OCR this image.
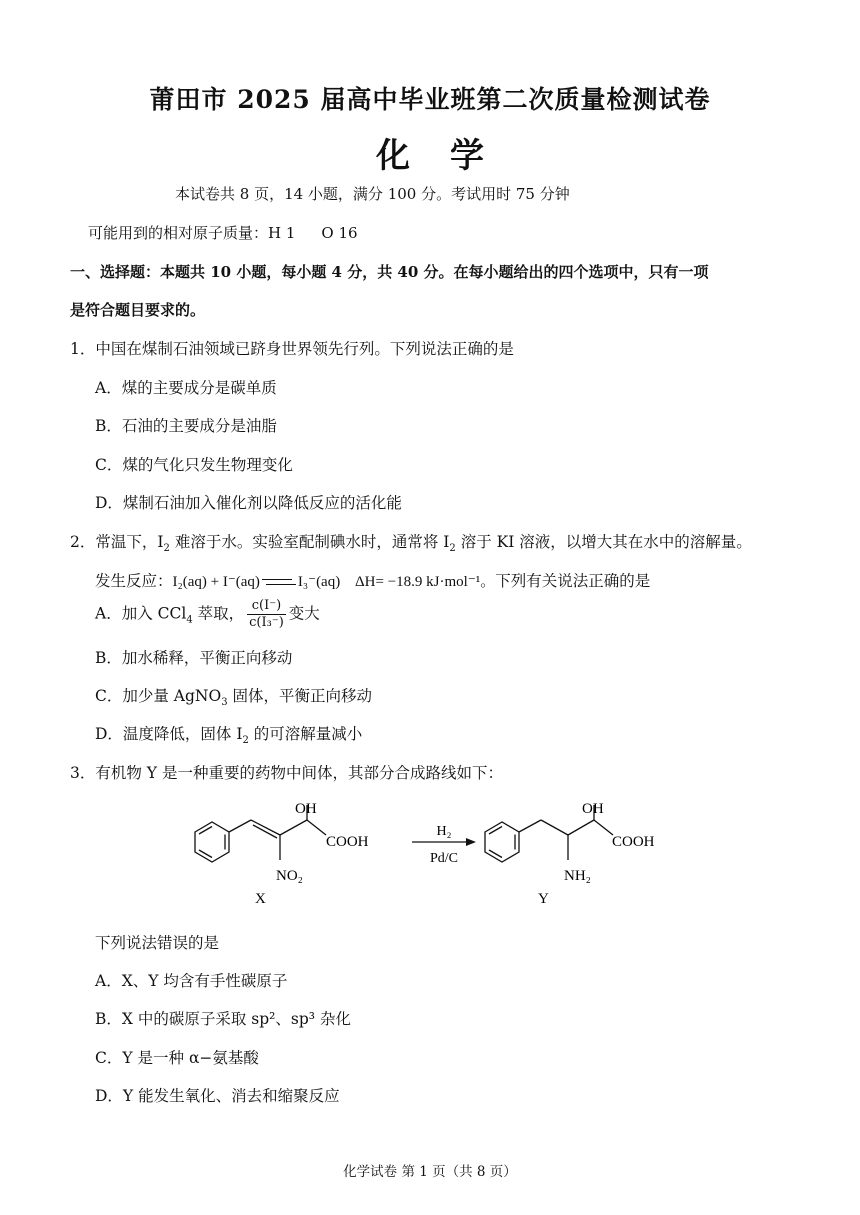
莆田市 2025 届高中毕业班第二次质量检测试卷
化学
本试卷共 8 页，14 小题，满分 100 分。考试用时 75 分钟
可能用到的相对原子质量：H 1 O 16
一、选择题：本题共 10 小题，每小题 4 分，共 40 分。在每小题给出的四个选项中，只有一项
是符合题目要求的。
1．中国在煤制石油领域已跻身世界领先行列。下列说法正确的是
A．煤的主要成分是碳单质
B．石油的主要成分是油脂
C．煤的气化只发生物理变化
D．煤制石油加入催化剂以降低反应的活化能
2．常温下，$I_2$ 难溶于水。实验室配制碘水时，通常将 $I_2$ 溶于 KI 溶液，以增大其在水中的溶解量。
发生反应：I₂(aq) + I⁻(aq)	I₃⁻(aq) ΔH= −18.9 kJ·mol⁻¹。下列有关说法正确的是
A．加入 CCl$_4$ 萃取， $\frac{c(I^-)}{\text{c(I₃⁻)}}$ 变大
B．加水稀释，平衡正向移动
C．加少量 AgNO$_3$ 固体，平衡正向移动
D．温度降低，固体 $I_2$ 的可溶解量减小
3．有机物 Y 是一种重要的药物中间体，其部分合成路线如下：
OH
COOH
NO₂
X
H₂
Pd/C
OH
COOH
NH₂
Y
下列说法错误的是
A．X、Y 均含有手性碳原子
B．X 中的碳原子采取 sp²、sp³ 杂化
C．Y 是一种 α−氨基酸
D．Y 能发生氧化、消去和缩聚反应
化学试卷 第 1 页（共 8 页）
